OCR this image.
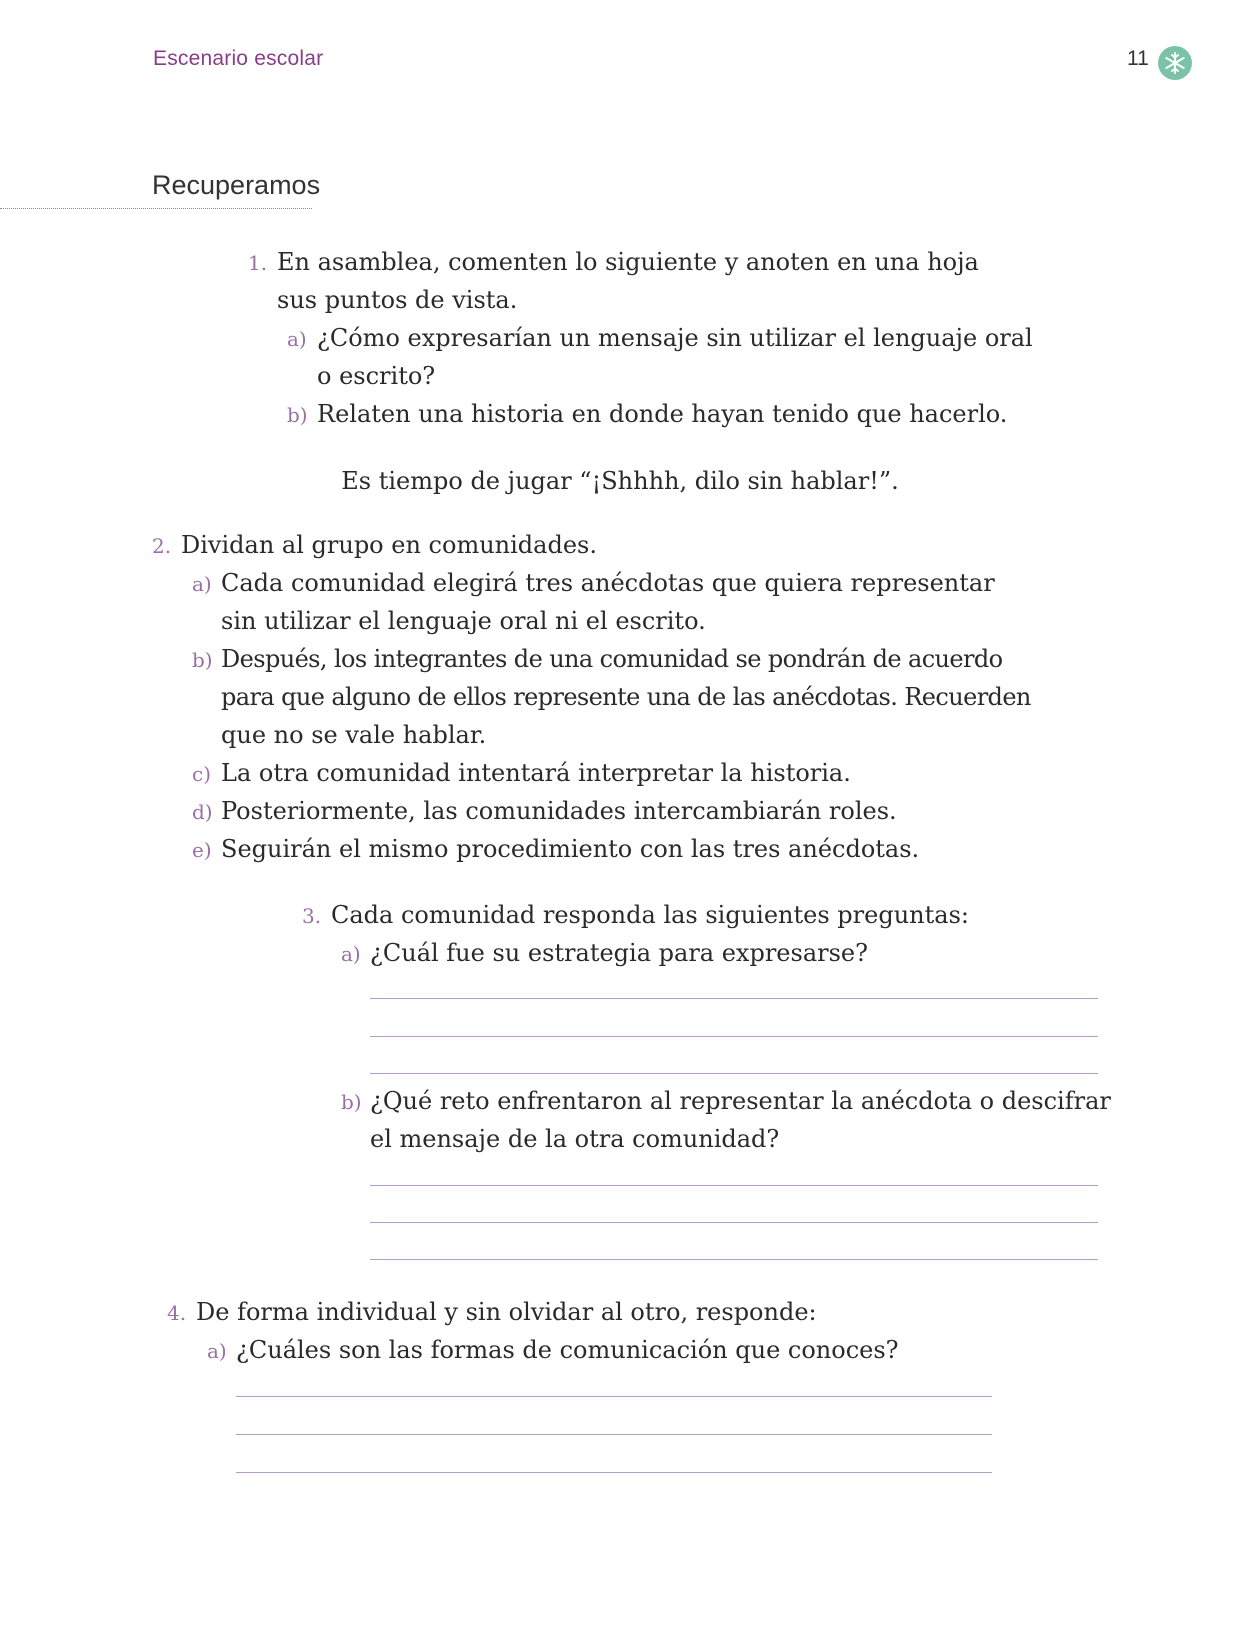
Escenario escolar	11
Recuperamos
1. En asamblea, comenten lo siguiente y anoten en una hoja
sus puntos de vista.
a) ¿Cómo expresarían un mensaje sin utilizar el lenguaje oral
o escrito?
b) Relaten una historia en donde hayan tenido que hacerlo.
Es tiempo de jugar “¡Shhhh, dilo sin hablar!”.
2. Dividan al grupo en comunidades.
a) Cada comunidad elegirá tres anécdotas que quiera representar
sin utilizar el lenguaje oral ni el escrito.
b) Después, los integrantes de una comunidad se pondrán de acuerdo
para que alguno de ellos represente una de las anécdotas. Recuerden
que no se vale hablar.
c) La otra comunidad intentará interpretar la historia.
d) Posteriormente, las comunidades intercambiarán roles.
e) Seguirán el mismo procedimiento con las tres anécdotas.
3. Cada comunidad responda las siguientes preguntas:
a) ¿Cuál fue su estrategia para expresarse?
b) ¿Qué reto enfrentaron al representar la anécdota o descifrar
el mensaje de la otra comunidad?
4. De forma individual y sin olvidar al otro, responde:
a) ¿Cuáles son las formas de comunicación que conoces?
